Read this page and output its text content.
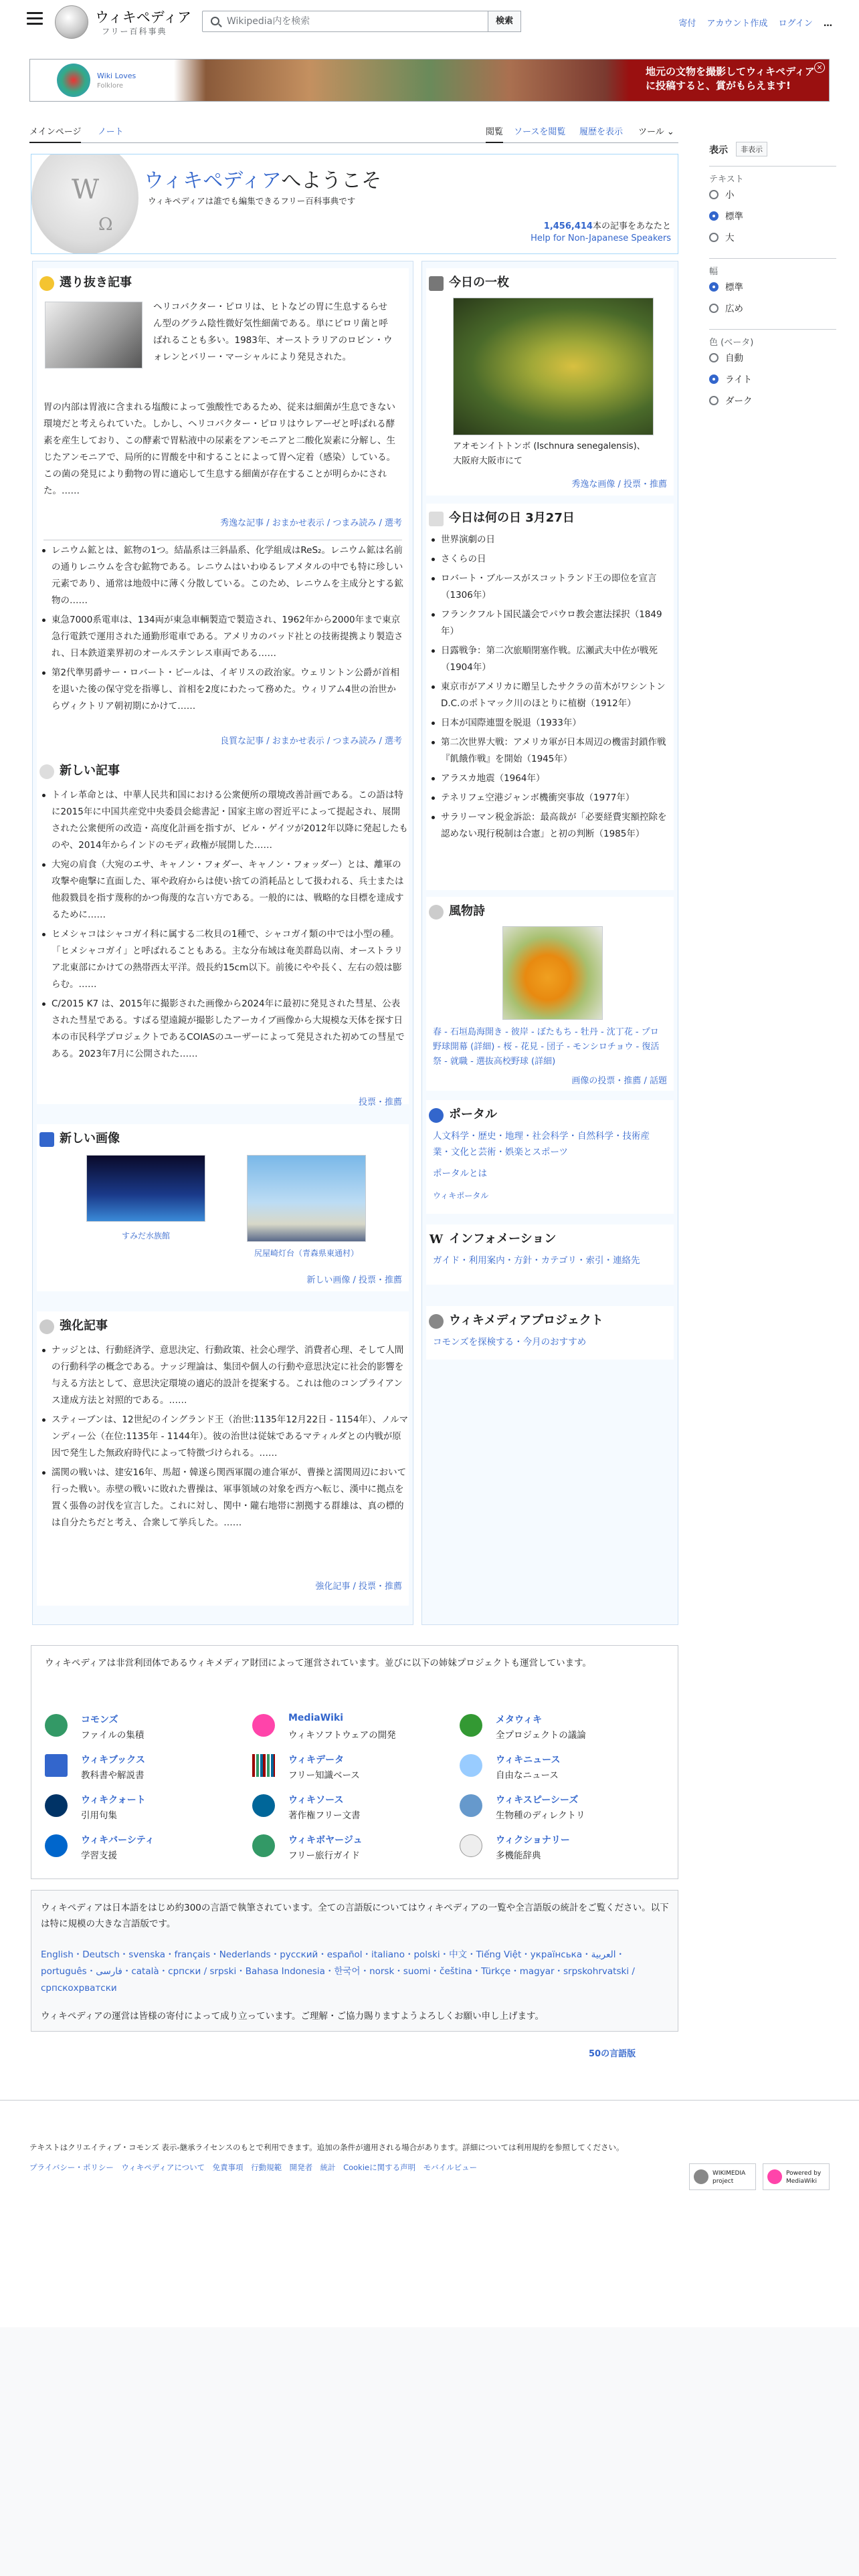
ウィキペディア
フリー百科事典
Wikipedia内を検索	検索	寄付 アカウント作成 ログイン …
Wiki Loves
Folklore
地元の文物を撮影してウィキペディアに投稿すると、賞がもらえます!
×
メインページ ノート	閲覧 ソースを閲覧 履歴を表示 ツール ⌄
W
Ω
ウィキペディアへようこそ
ウィキペディアは誰でも編集できるフリー百科事典です
1,456,414本の記事をあなたと
Help for Non-Japanese Speakers
選り抜き記事
ヘリコバクター・ピロリは、ヒトなどの胃に生息するらせん型のグラム陰性微好気性細菌である。単にピロリ菌と呼ばれることも多い。1983年、オーストラリアのロビン・ウォレンとバリー・マーシャルにより発見された。
胃の内部は胃液に含まれる塩酸によって強酸性であるため、従来は細菌が生息できない環境だと考えられていた。しかし、ヘリコバクター・ピロリはウレアーゼと呼ばれる酵素を産生しており、この酵素で胃粘液中の尿素をアンモニアと二酸化炭素に分解し、生じたアンモニアで、局所的に胃酸を中和することによって胃へ定着（感染）している。この菌の発見により動物の胃に適応して生息する細菌が存在することが明らかにされた。……
秀逸な記事 / おまかせ表示 / つまみ読み / 選考
レニウム鉱とは、鉱物の1つ。結晶系は三斜晶系、化学組成はReS₂。レニウム鉱は名前の通りレニウムを含む鉱物である。レニウムはいわゆるレアメタルの中でも特に珍しい元素であり、通常は地殻中に薄く分散している。このため、レニウムを主成分とする鉱物の……
東急7000系電車は、134両が東急車輌製造で製造され、1962年から2000年まで東京急行電鉄で運用された通勤形電車である。アメリカのバッド社との技術提携より製造され、日本鉄道業界初のオールステンレス車両である……
第2代準男爵サー・ロバート・ピールは、イギリスの政治家。ウェリントン公爵が首相を退いた後の保守党を指導し、首相を2度にわたって務めた。ウィリアム4世の治世からヴィクトリア朝初期にかけて……
良質な記事 / おまかせ表示 / つまみ読み / 選考
新しい記事
トイレ革命とは、中華人民共和国における公衆便所の環境改善計画である。この語は特に2015年に中国共産党中央委員会総書記・国家主席の習近平によって提起され、展開された公衆便所の改造・高度化計画を指すが、ビル・ゲイツが2012年以降に発起したものや、2014年からインドのモディ政権が展開した……
大宛の肩食（大宛のエサ、キャノン・フォダー、キャノン・フォッダー）とは、離軍の攻撃や砲撃に直面した、軍や政府からは使い捨ての消耗品として扱われる、兵士または他殺戮員を指す蔑称的かつ侮蔑的な言い方である。一般的には、戦略的な目標を達成するために……
ヒメシャコはシャコガイ科に属する二枚貝の1種で、シャコガイ類の中では小型の種。「ヒメシャコガイ」と呼ばれることもある。主な分布域は奄美群島以南、オーストラリア北東部にかけての熱帯西太平洋。殻長約15cm以下。前後にやや長く、左右の殻は膨らむ。……
C/2015 K7 は、2015年に撮影された画像から2024年に最初に発見された彗星、公表された彗星である。すばる望遠鏡が撮影したアーカイブ画像から大規模な天体を探す日本の市民科学プロジェクトであるCOIASのユーザーによって発見された初めての彗星である。2023年7月に公開された……
投票・推薦
新しい画像
すみだ水族館
尻屋崎灯台（青森県東通村）
新しい画像 / 投票・推薦
強化記事
ナッジとは、行動経済学、意思決定、行動政策、社会心理学、消費者心理、そして人間の行動科学の概念である。ナッジ理論は、集団や個人の行動や意思決定に社会的影響を与える方法として、意思決定環境の適応的設計を提案する。これは他のコンプライアンス達成方法と対照的である。……
スティーブンは、12世紀のイングランド王（治世:1135年12月22日 - 1154年）、ノルマンディー公（在位:1135年 - 1144年）。彼の治世は従妹であるマティルダとの内戦が原因で発生した無政府時代によって特徴づけられる。……
濡関の戦いは、建安16年、馬超・韓遂ら関西軍閥の連合軍が、曹操と濡関周辺において行った戦い。赤壁の戦いに敗れた曹操は、軍事領域の対象を西方へ転じ、漢中に拠点を置く張魯の討伐を宣言した。これに対し、関中・隴右地帯に割拠する群雄は、真の標的は自分たちだと考え、合衆して挙兵した。……
強化記事 / 投票・推薦
今日の一枚
アオモンイトトンボ (Ischnura senegalensis)、大阪府大阪市にて
秀逸な画像 / 投票・推薦
今日は何の日 3月27日
世界演劇の日
さくらの日
ロバート・ブルースがスコットランド王の即位を宣言（1306年）
フランクフルト国民議会でパウロ教会憲法採択（1849年）
日露戦争：第二次旅順閉塞作戦。広瀬武夫中佐が戦死（1904年）
東京市がアメリカに贈呈したサクラの苗木がワシントンD.C.のポトマック川のほとりに植樹（1912年）
日本が国際連盟を脱退（1933年）
第二次世界大戦：アメリカ軍が日本周辺の機雷封鎖作戦『飢餓作戦』を開始（1945年）
アラスカ地震（1964年）
テネリフェ空港ジャンボ機衝突事故（1977年）
サラリーマン税金訴訟：最高裁が「必要経費実額控除を認めない現行税制は合憲」と初の判断（1985年）
風物詩
春 - 石垣島海開き - 彼岸 - ぼたもち - 牡丹 - 沈丁花 - プロ野球開幕 (詳細) - 桜 - 花見 - 団子 - モンシロチョウ - 復活祭 - 就職 - 選抜高校野球 (詳細)
画像の投票・推薦 / 話題
ポータル
人文科学・歴史・地理・社会科学・自然科学・技術産業・文化と芸術・娯楽とスポーツ
ポータルとは
ウィキポータル
W インフォメーション
ガイド・利用案内・方針・カテゴリ・索引・連絡先
ウィキメディアプロジェクト
コモンズを探検する・今月のおすすめ
ウィキペディアは非営利団体であるウィキメディア財団によって運営されています。並びに以下の姉妹プロジェクトも運営しています。
コモンズ
ファイルの集積
MediaWiki
ウィキソフトウェアの開発
メタウィキ
全プロジェクトの議論
ウィキブックス
教科書や解説書
ウィキデータ
フリー知識ベース
ウィキニュース
自由なニュース
ウィキクォート
引用句集
ウィキソース
著作権フリー文書
ウィキスピーシーズ
生物種のディレクトリ
ウィキバーシティ
学習支援
ウィキボヤージュ
フリー旅行ガイド
ウィクショナリー
多機能辞典
ウィキペディアは日本語をはじめ約300の言語で執筆されています。全ての言語版についてはウィキペディアの一覧や全言語版の統計をご覧ください。以下は特に規模の大きな言語版です。
English・Deutsch・svenska・français・Nederlands・русский・español・italiano・polski・中文・Tiếng Việt・українська・العربية・português・فارسی・català・српски / srpski・Bahasa Indonesia・한국어・norsk・suomi・čeština・Türkçe・magyar・srpskohrvatski / српскохрватски
ウィキペディアの運営は皆様の寄付によって成り立っています。ご理解・ご協力賜りますようよろしくお願い申し上げます。
50の言語版
表示	非表示
テキスト
小
標準
大
幅
標準
広め
色 (ベータ)
自動
ライト
ダーク
テキストはクリエイティブ・コモンズ 表示-継承ライセンスのもとで利用できます。追加の条件が適用される場合があります。詳細については利用規約を参照してください。
プライバシー・ポリシー　ウィキペディアについて　免責事項　行動規範　開発者　統計　Cookieに関する声明　モバイルビュー
WIKIMEDIA project
Powered by MediaWiki
